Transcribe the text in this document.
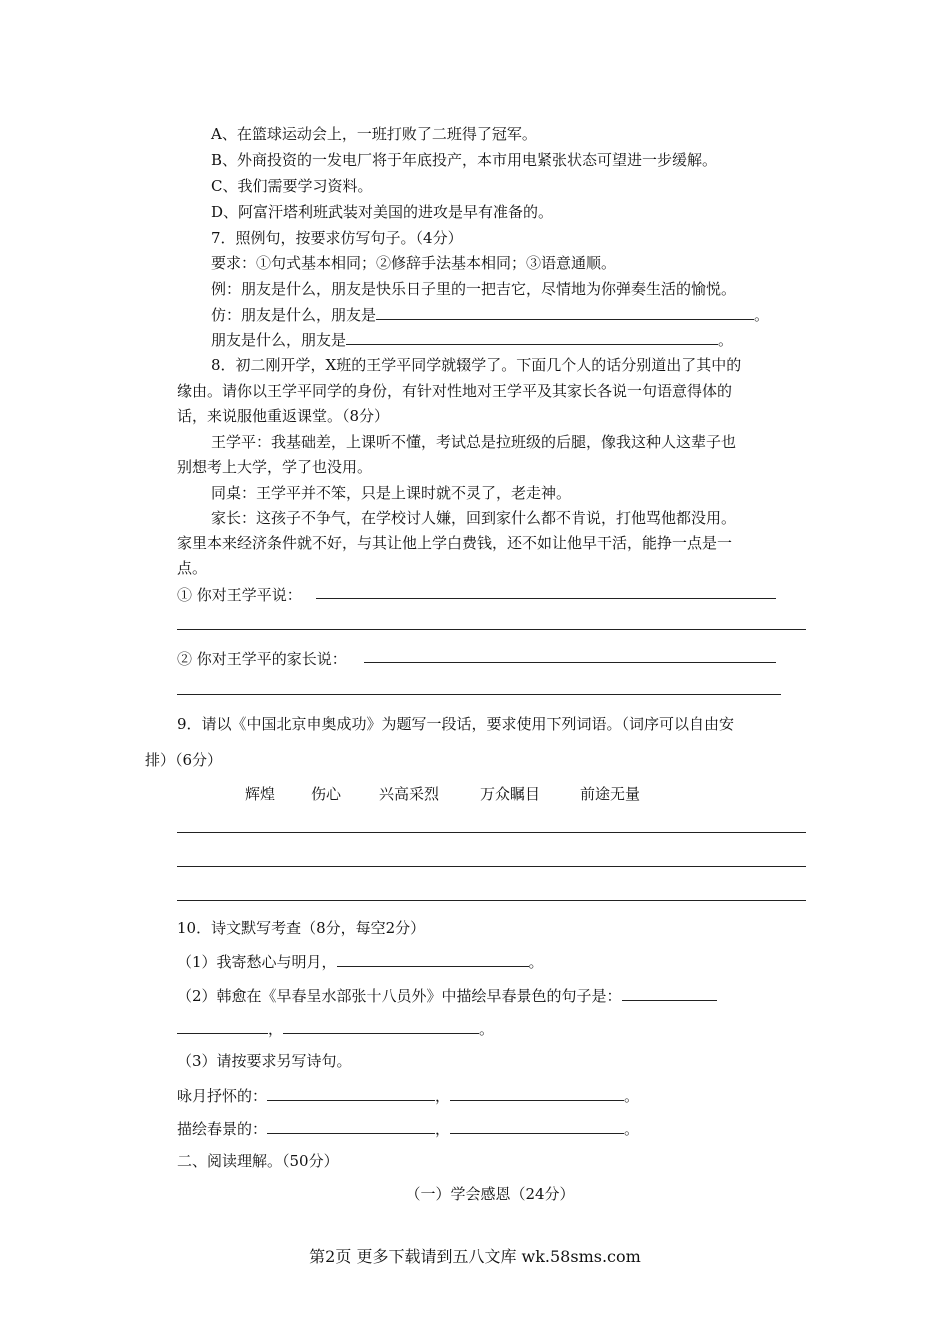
A、在篮球运动会上，一班打败了二班得了冠军。
B、外商投资的一发电厂将于年底投产，本市用电紧张状态可望进一步缓解。
C、我们需要学习资料。
D、阿富汗塔利班武装对美国的进攻是早有准备的。
7．照例句，按要求仿写句子。（4分）
要求：①句式基本相同；②修辞手法基本相同；③语意通顺。
例：朋友是什么，朋友是快乐日子里的一把吉它，尽情地为你弹奏生活的愉悦。
仿：朋友是什么，朋友是	。
朋友是什么，朋友是	。
8．初二刚开学，X班的王学平同学就辍学了。下面几个人的话分别道出了其中的
缘由。请你以王学平同学的身份，有针对性地对王学平及其家长各说一句语意得体的
话，来说服他重返课堂。（8分）
王学平：我基础差，上课听不懂，考试总是拉班级的后腿，像我这种人这辈子也
别想考上大学，学了也没用。
同桌：王学平并不笨，只是上课时就不灵了，老走神。
家长：这孩子不争气，在学校讨人嫌，回到家什么都不肯说，打他骂他都没用。
家里本来经济条件就不好，与其让他上学白费钱，还不如让他早干活，能挣一点是一
点。
① 你对王学平说：
② 你对王学平的家长说：
9．请以《中国北京申奥成功》为题写一段话，要求使用下列词语。（词序可以自由安
排）（6分）
辉煌 伤心	兴高采烈	万众瞩目	前途无量
10．诗文默写考查（8分，每空2分）
（1）我寄愁心与明月，	。
（2）韩愈在《早春呈水部张十八员外》中描绘早春景色的句子是：
，	。
（3）请按要求另写诗句。
咏月抒怀的：	，	。
描绘春景的：	，	。
二、阅读理解。（50分）
（一）学会感恩（24分）
第2页 更多下载请到五八文库 wk.58sms.com
